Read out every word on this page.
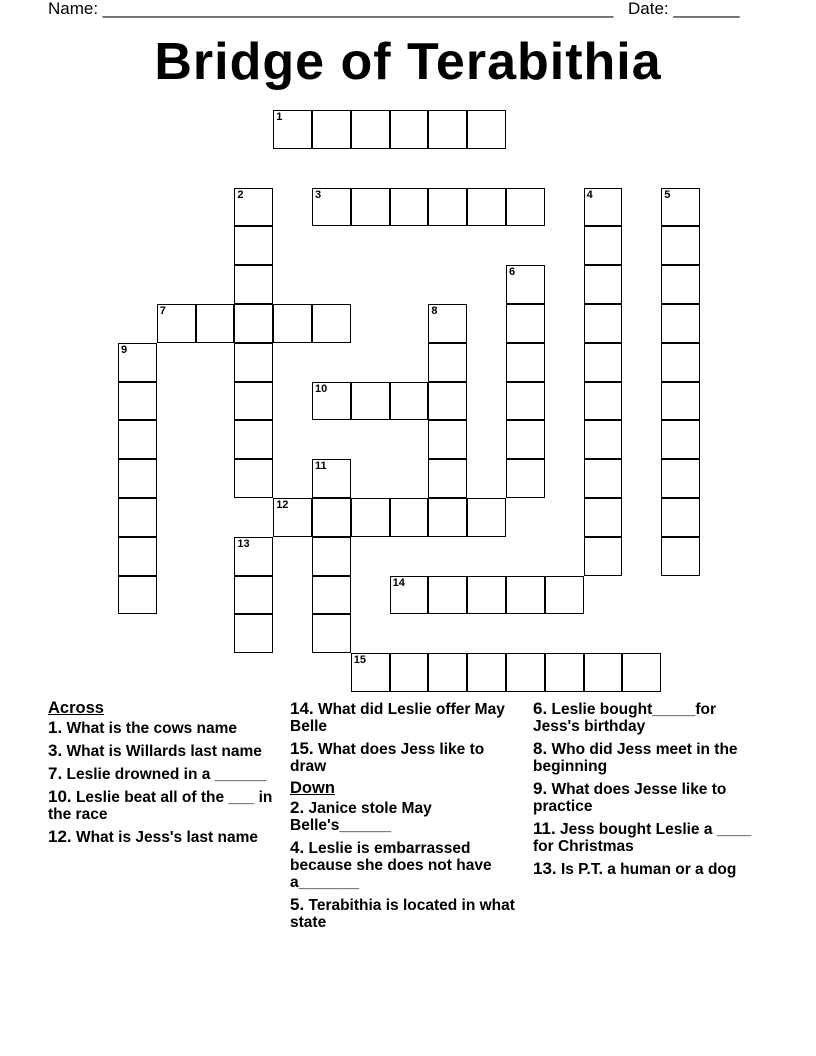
Name: ______________________________________________________ Date: _______
Bridge of Terabithia
1
2	3	4	5
6
7	8
9
10
11
12
13
14
15
Across
1. What is the cows name
3. What is Willards last name
7. Leslie drowned in a ______
10. Leslie beat all of the ___ in the race
12. What is Jess's last name
14. What did Leslie offer May Belle
15. What does Jess like to draw
Down
2. Janice stole May Belle's______
4. Leslie is embarrassed because she does not have a_______
5. Terabithia is located in what state
6. Leslie bought_____for Jess's birthday
8. Who did Jess meet in the beginning
9. What does Jesse like to practice
11. Jess bought Leslie a ____ for Christmas
13. Is P.T. a human or a dog
